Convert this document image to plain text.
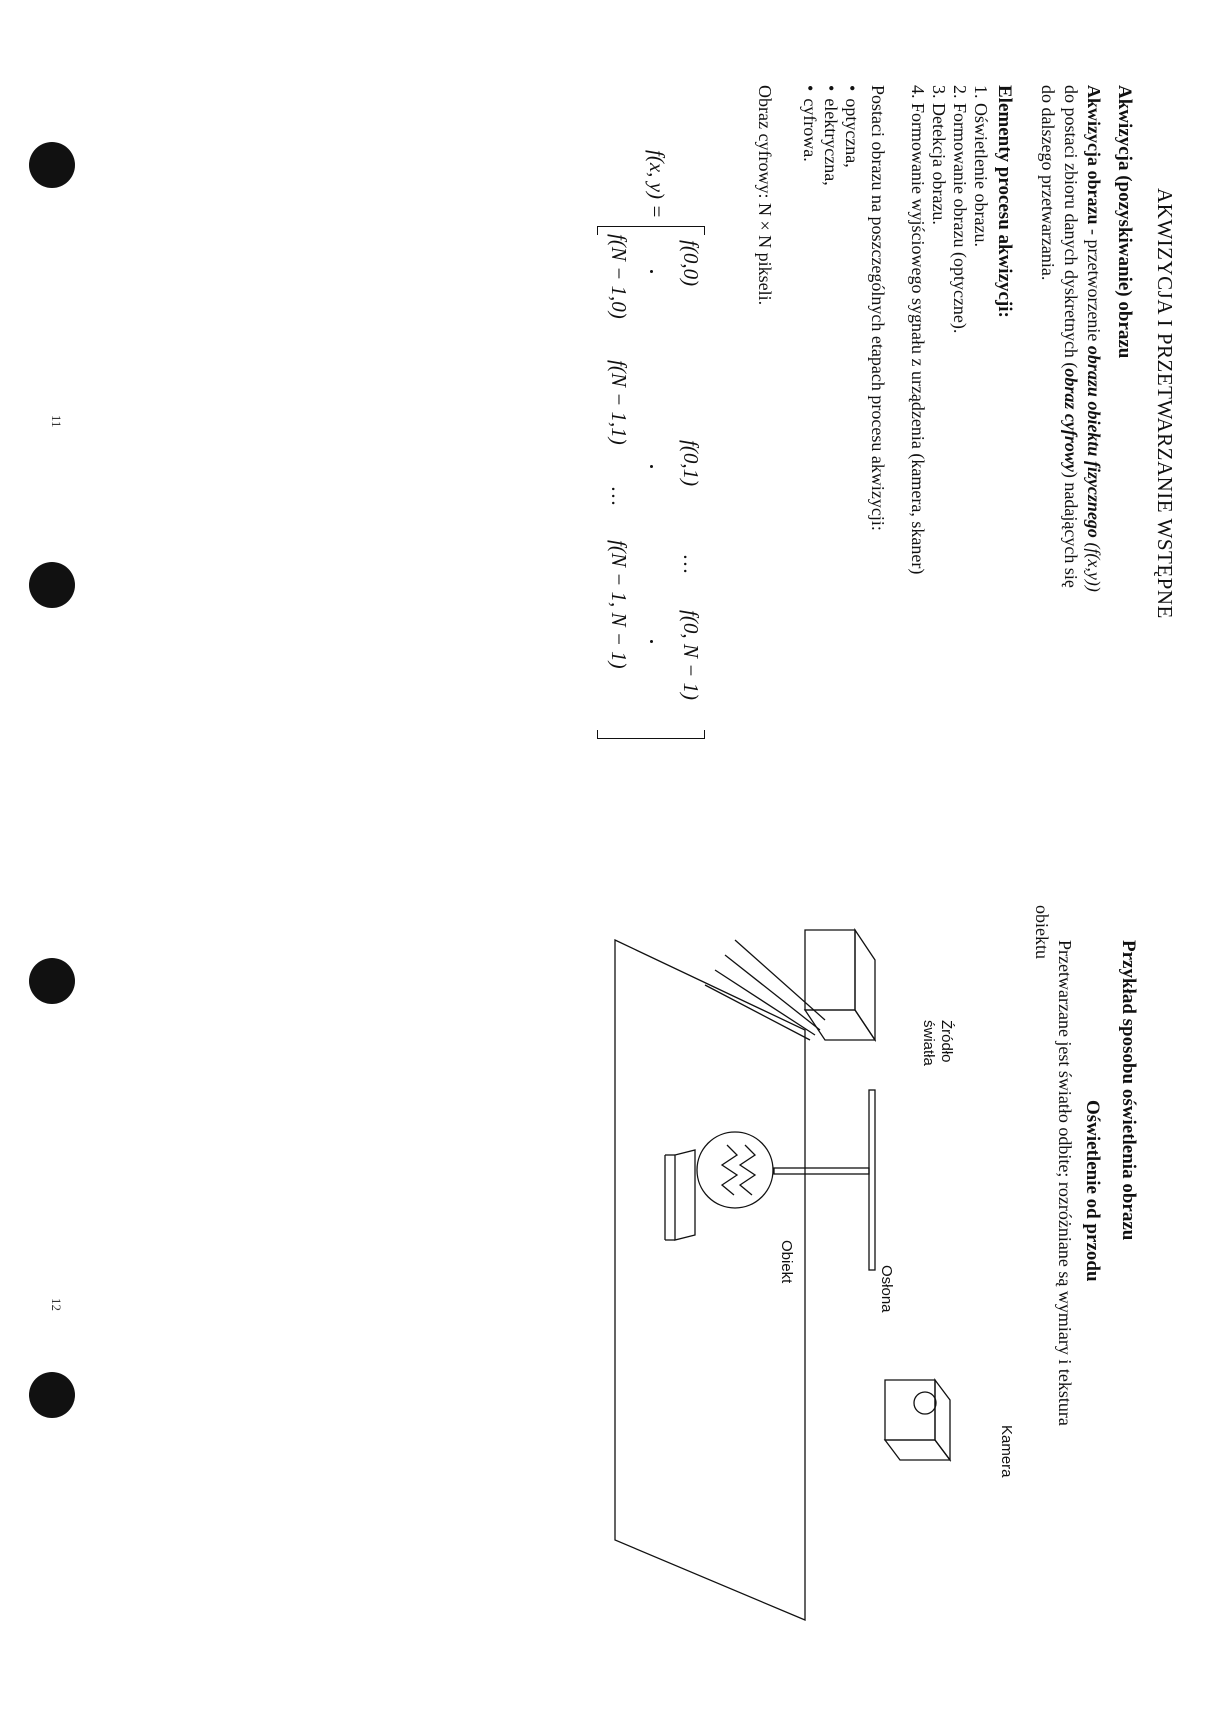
11
12
AKWIZYCJA I PRZETWARZANIE WSTĘPNE
Akwizycja (pozyskiwanie) obrazu
Akwizycja obrazu - przetworzenie obrazu obiektu fizycznego (f(x,y))
do postaci zbioru danych dyskretnych (obraz cyfrowy) nadających się
do dalszego przetwarzania.
Elementy procesu akwizycji:
1. Oświetlenie obrazu.
2. Formowanie obrazu (optyczne).
3. Detekcja obrazu.
4. Formowanie wyjściowego sygnału z urządzenia (kamera, skaner)
Postaci obrazu na poszczególnych etapach procesu akwizycji:
• optyczna,
• elektryczna,
• cyfrowa.
Obraz cyfrowy: N × N pikseli.
f(x, y) =
f(0,0)
f(0,1)
…
f(0, N − 1)
f(N − 1,0)
f(N − 1,1)
…
f(N − 1, N − 1)
Przykład sposobu oświetlenia obrazu
Oświetlenie od przodu
Przetwarzane jest światło odbite; rozróżniane są wymiary i tekstura
obiektu
Źródło
światła
Osłona
Kamera
Obiekt
